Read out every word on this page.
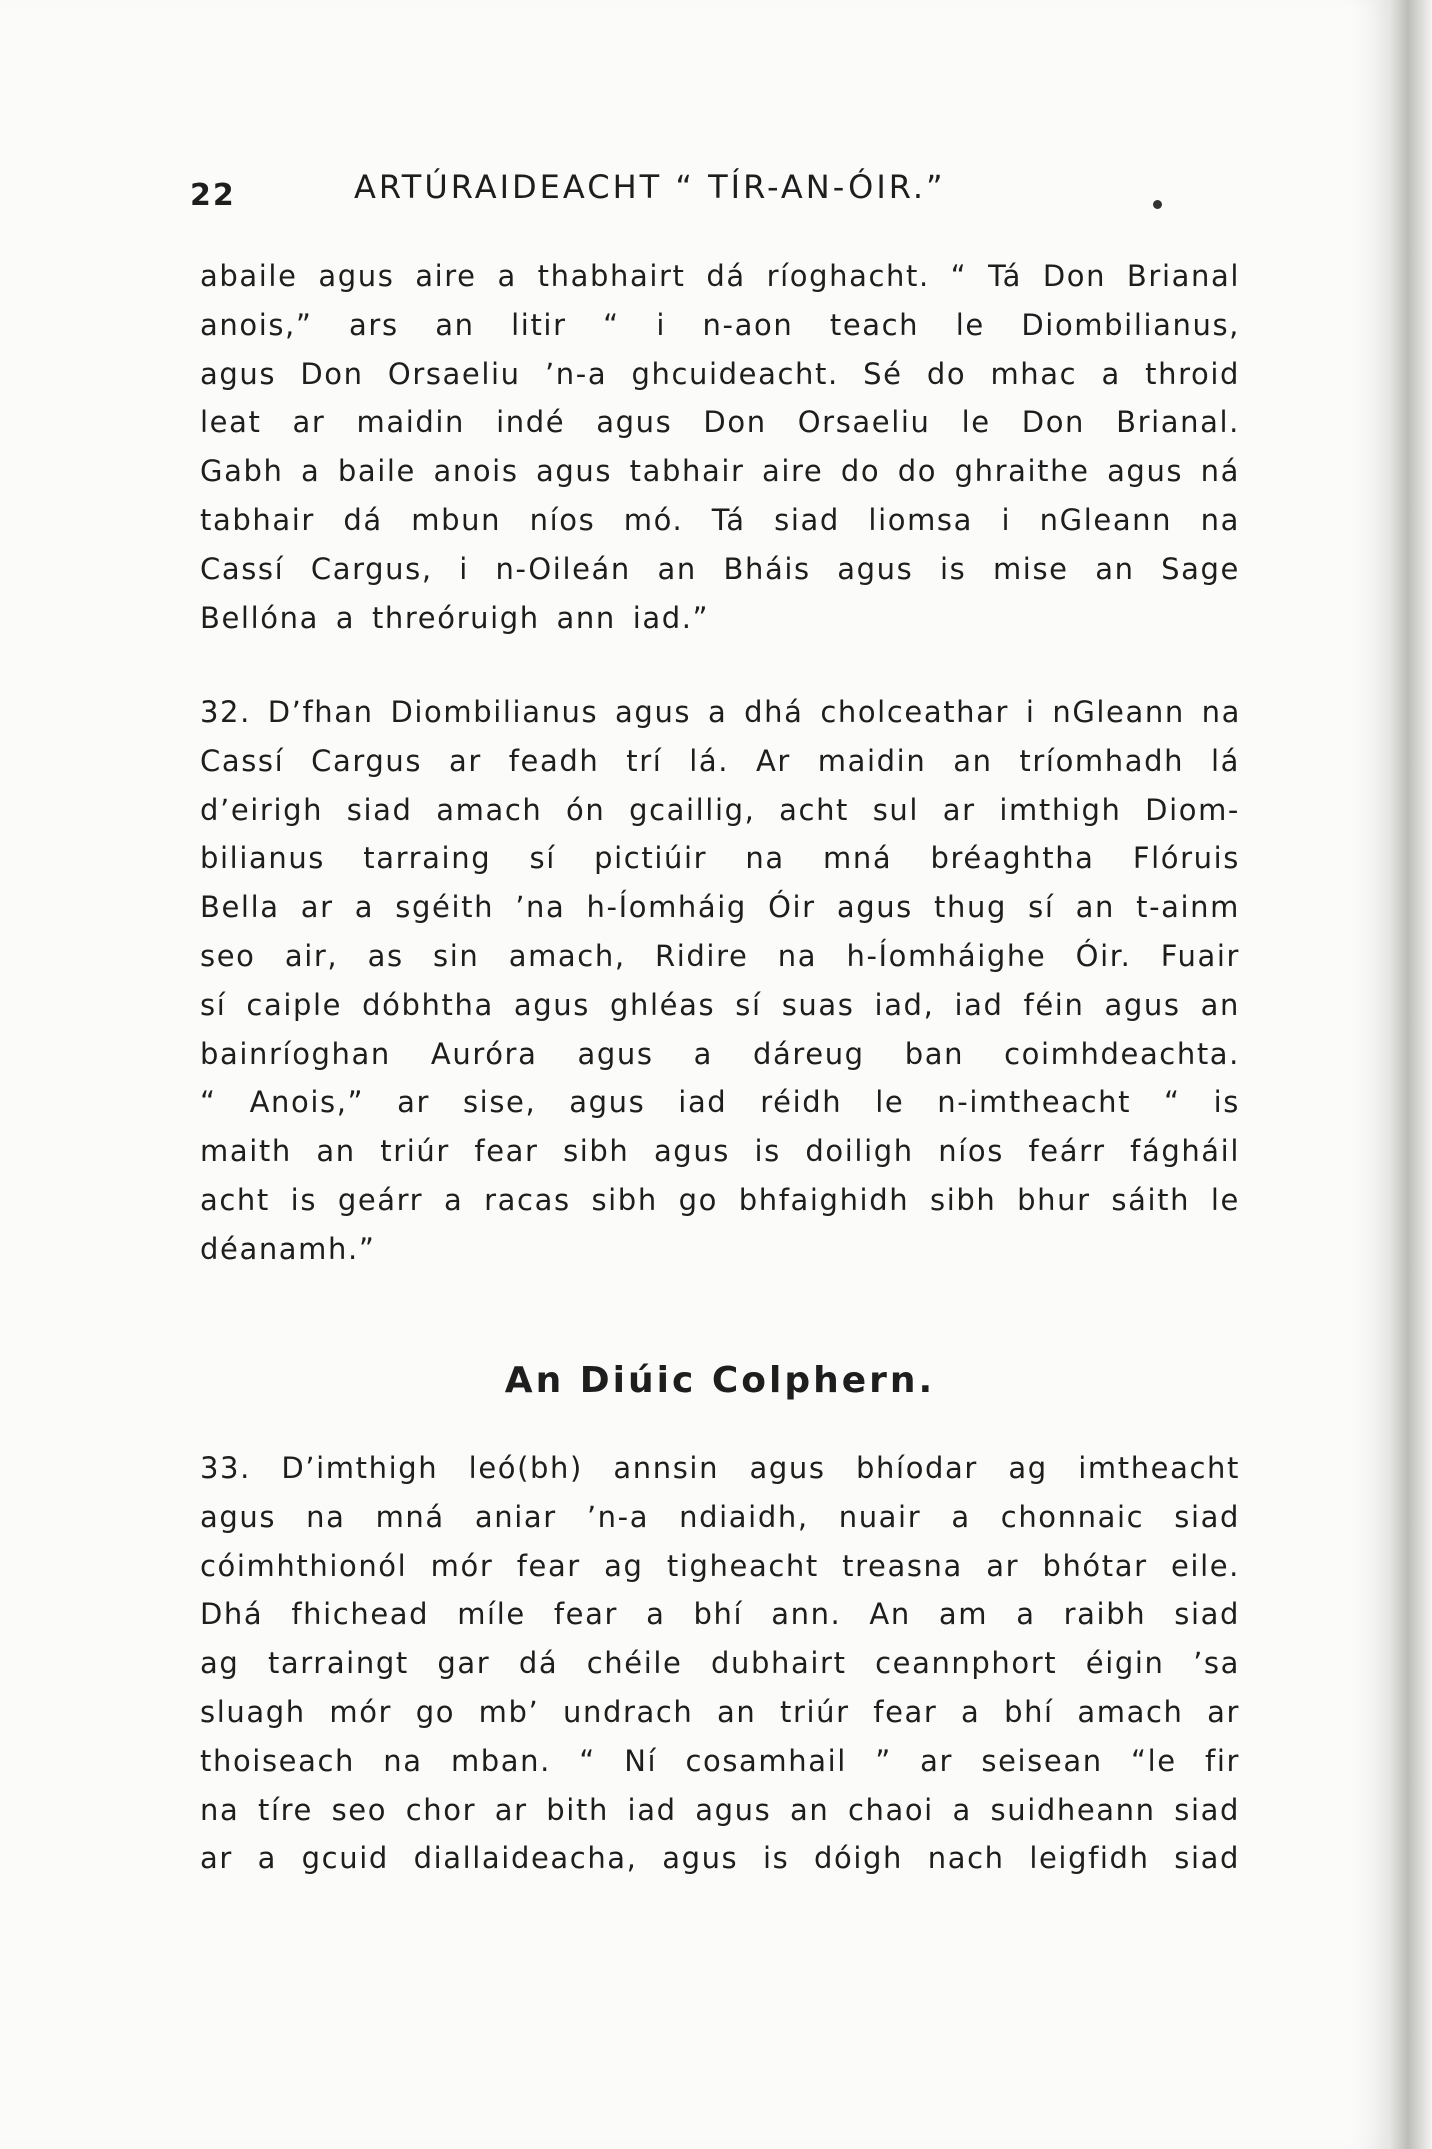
22	ARTÚRAIDEACHT “ TÍR-AN-ÓIR.”
abaile agus aire a thabhairt dá ríoghacht. “ Tá Don Brianal
anois,” ars an litir “ i n-aon teach le Diombilianus,
agus Don Orsaeliu ’n-a ghcuideacht. Sé do mhac a throid
leat ar maidin indé agus Don Orsaeliu le Don Brianal.
Gabh a baile anois agus tabhair aire do do ghraithe agus ná
tabhair dá mbun níos mó. Tá siad liomsa i nGleann na
Cassí Cargus, i n-Oileán an Bháis agus is mise an Sage
Bellóna a threóruigh ann iad.”
32. D’fhan Diombilianus agus a dhá cholceathar i nGleann na
Cassí Cargus ar feadh trí lá. Ar maidin an tríomhadh lá
d’eirigh siad amach ón gcaillig, acht sul ar imthigh Diom-
bilianus tarraing sí pictiúir na mná bréaghtha Flóruis
Bella ar a sgéith ’na h-Íomháig Óir agus thug sí an t-ainm
seo air, as sin amach, Ridire na h-Íomháighe Óir. Fuair
sí caiple dóbhtha agus ghléas sí suas iad, iad féin agus an
bainríoghan Auróra agus a dáreug ban coimhdeachta.
“ Anois,” ar sise, agus iad réidh le n-imtheacht “ is
maith an triúr fear sibh agus is doiligh níos feárr fágháil
acht is geárr a racas sibh go bhfaighidh sibh bhur sáith le
déanamh.”
An Diúic Colphern.
33. D’imthigh leó(bh) annsin agus bhíodar ag imtheacht
agus na mná aniar ’n-a ndiaidh, nuair a chonnaic siad
cóimhthionól mór fear ag tigheacht treasna ar bhótar eile.
Dhá fhichead míle fear a bhí ann. An am a raibh siad
ag tarraingt gar dá chéile dubhairt ceannphort éigin ’sa
sluagh mór go mb’ undrach an triúr fear a bhí amach ar
thoiseach na mban. “ Ní cosamhail ” ar seisean “le fir
na tíre seo chor ar bith iad agus an chaoi a suidheann siad
ar a gcuid diallaideacha, agus is dóigh nach leigfidh siad
